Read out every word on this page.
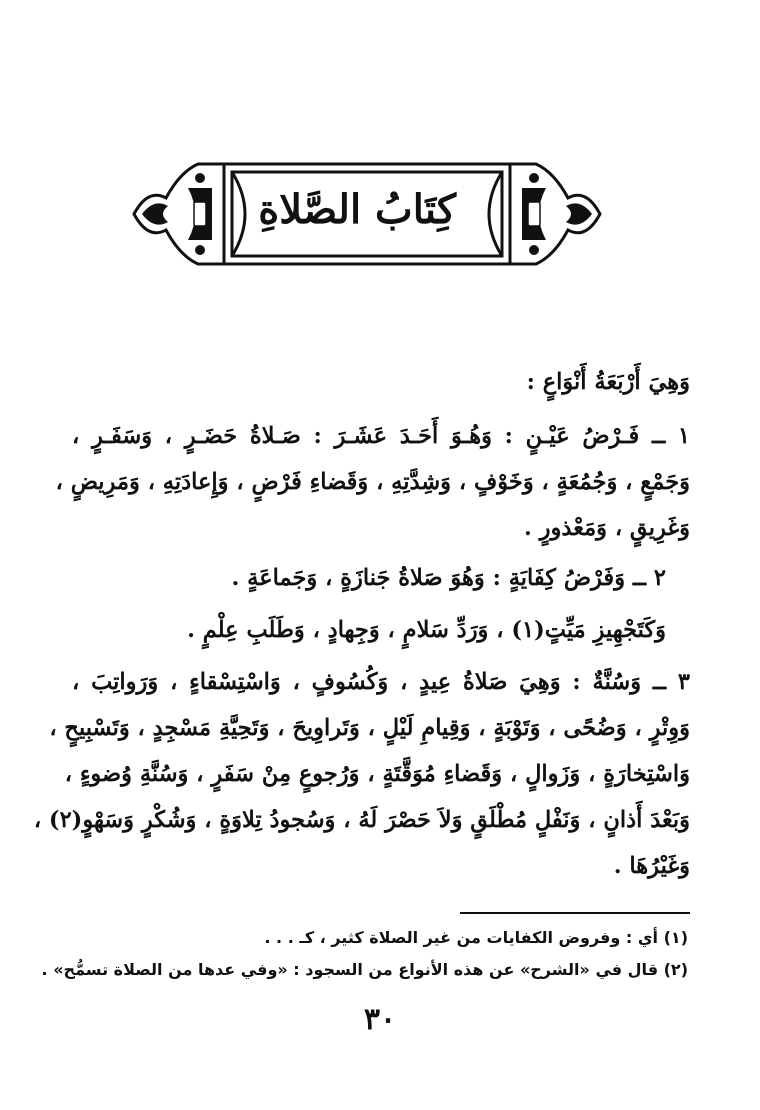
كِتَابُ الصَّلاةِ
وَهِيَ أَرْبَعَةُ أَنْوَاعٍ :
١ ــ فَـرْضُ عَيْـنٍ : وَهُـوَ أَحَـدَ عَشَـرَ : صَـلاةُ حَضَـرٍ ، وَسَفَـرٍ ،
وَجَمْعٍ ، وَجُمُعَةٍ ، وَخَوْفٍ ، وَشِدَّتِهِ ، وَقَضاءِ فَرْضٍ ، وَإِعادَتِهِ ، وَمَرِيضٍ ،
وَغَرِيقٍ ، وَمَعْذورٍ .
٢ ــ وَفَرْضُ كِفَايَةٍ : وَهُوَ صَلاةُ جَنازَةٍ ، وَجَماعَةٍ .
وَكَتَجْهِيزِ مَيِّتٍ(١) ، وَرَدِّ سَلامٍ ، وَجِهادٍ ، وَطَلَبِ عِلْمٍ .
٣ ــ وَسُنَّةٌ : وَهِيَ صَلاةُ عِيدٍ ، وَكُسُوفٍ ، وَاسْتِسْقاءٍ ، وَرَواتِبَ ،
وَوِتْرٍ ، وَضُحًى ، وَتَوْبَةٍ ، وَقِيامِ لَيْلٍ ، وَتَراوِيحَ ، وَتَحِيَّةِ مَسْجِدٍ ، وَتَسْبِيحٍ ،
وَاسْتِخارَةٍ ، وَزَوالٍ ، وَقَضاءِ مُوَقَّتَةٍ ، وَرُجوعٍ مِنْ سَفَرٍ ، وَسُنَّةِ وُضوءٍ ،
وَبَعْدَ أَذانٍ ، وَنَفْلٍ مُطْلَقٍ وَلاَ حَصْرَ لَهُ ، وَسُجودُ تِلاوَةٍ ، وَشُكْرٍ وَسَهْوٍ(٢) ،
وَغَيْرُهَا .
(١) أي : وفروض الكفايات من غير الصلاة كثير ، كـ . . .
(٢) قال في «الشرح» عن هذه الأنواع من السجود : «وفي عدها من الصلاة تسمُّح» .
٣٠
